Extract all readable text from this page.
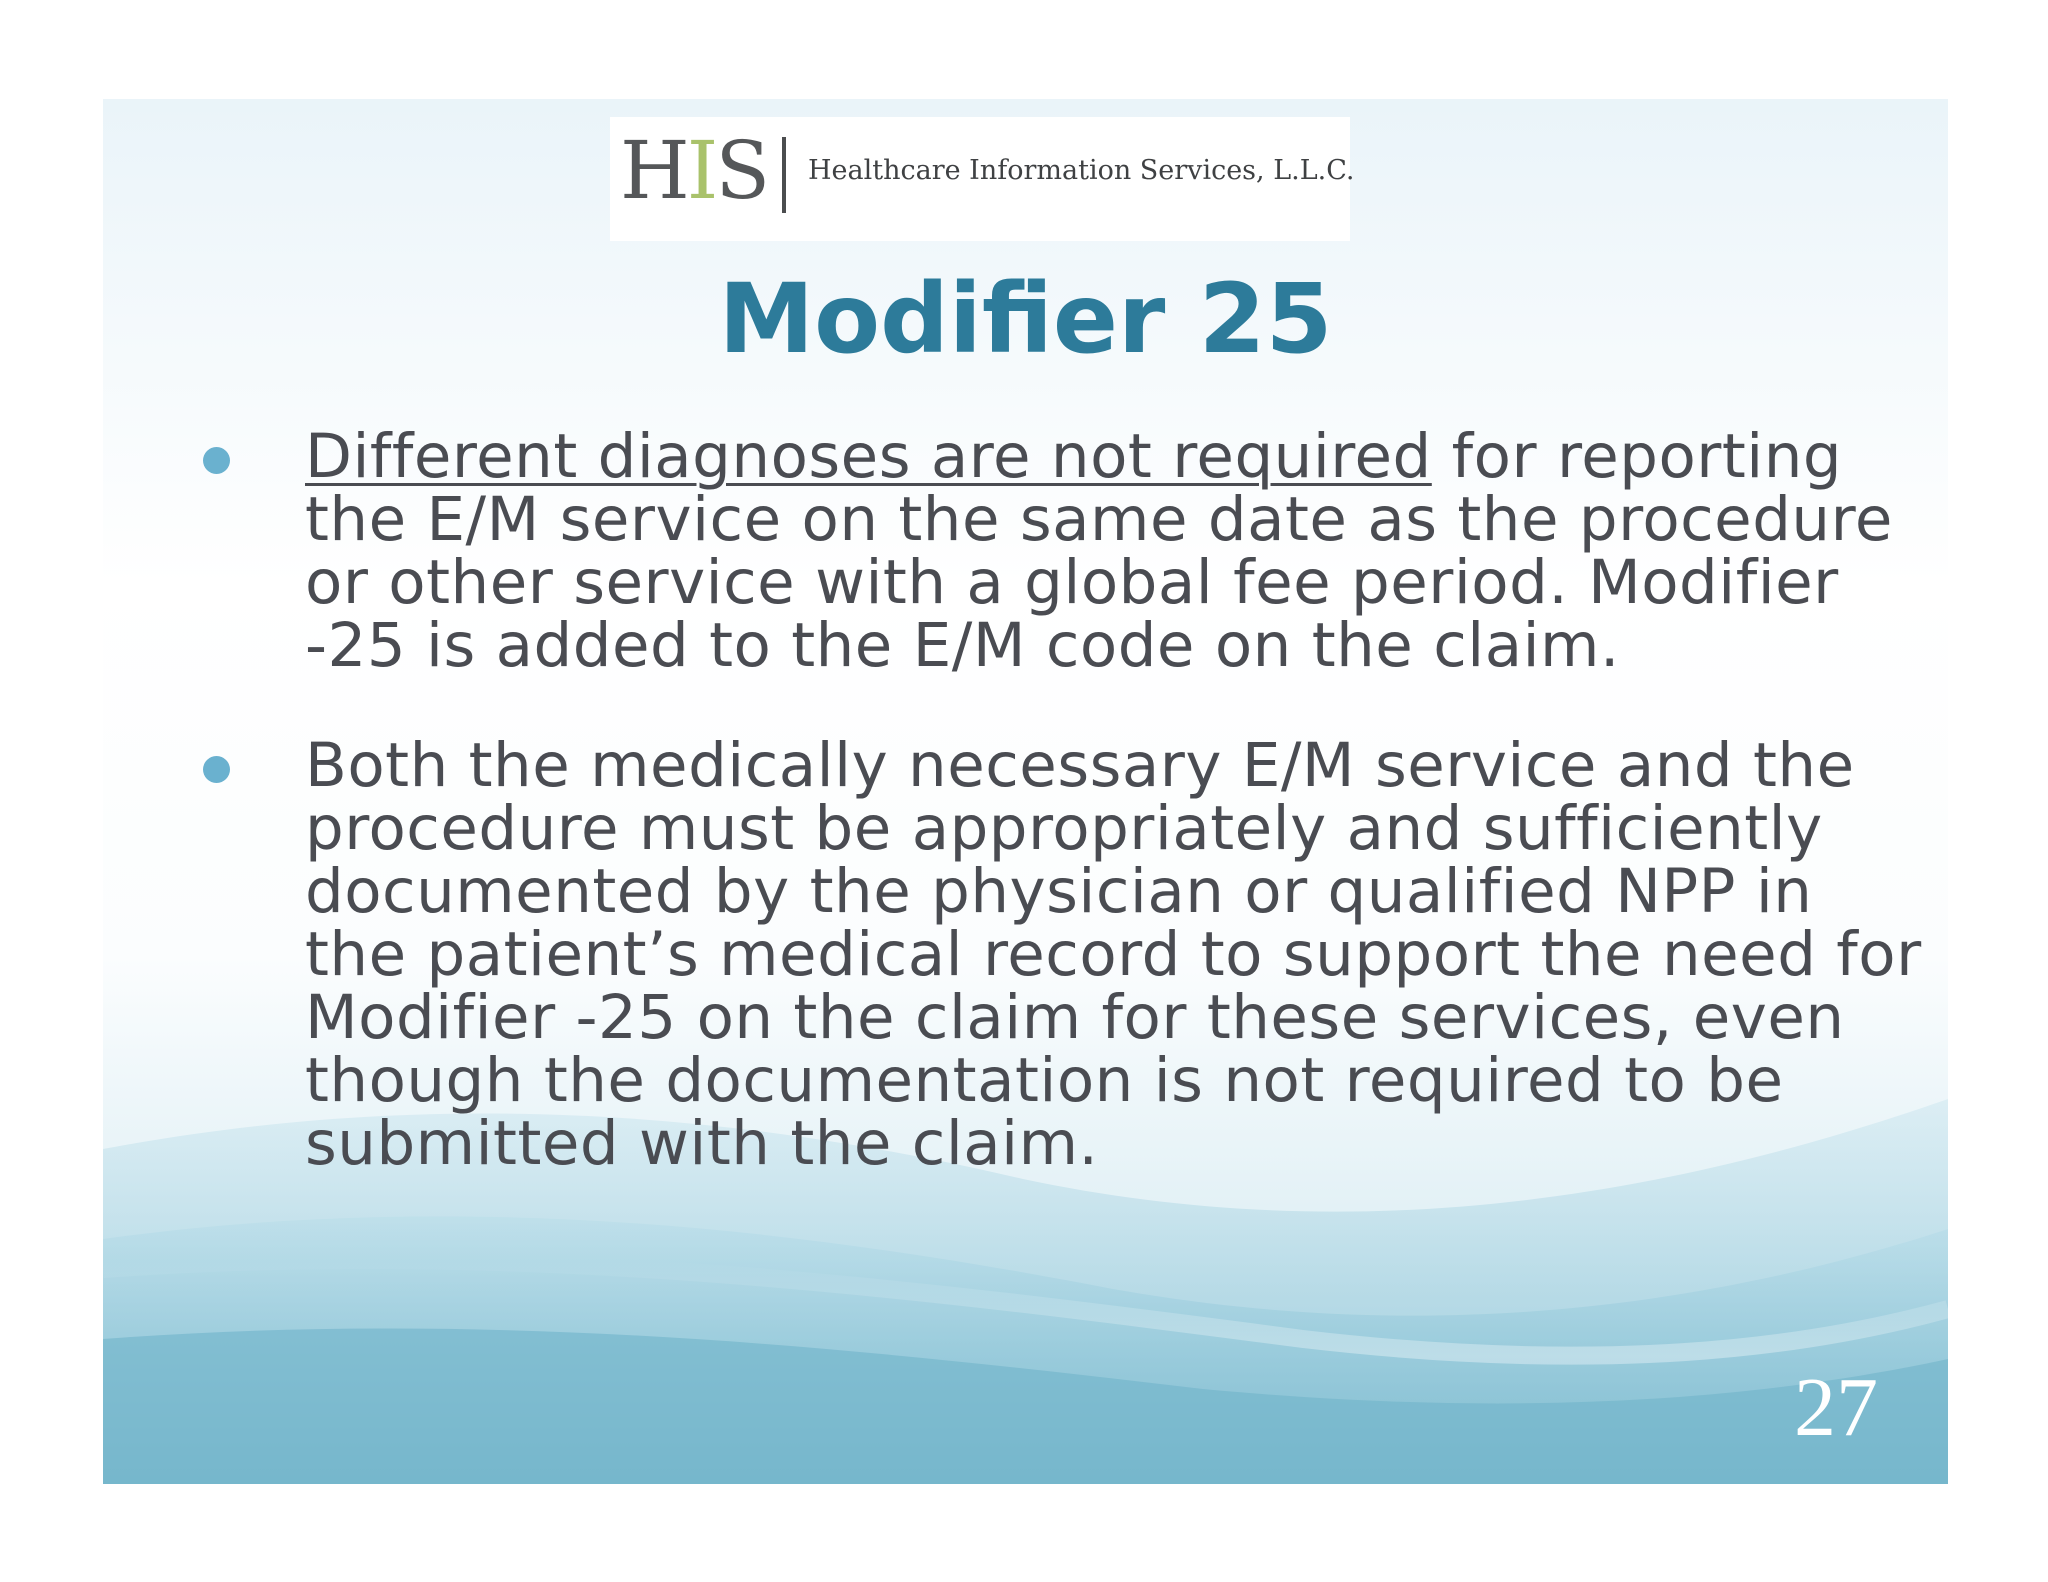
HIS Healthcare Information Services, L.L.C.
Modifier 25
Different diagnoses are not required for reporting the E/M service on the same date as the procedure or other service with a global fee period. Modifier -25 is added to the E/M code on the claim.
Both the medically necessary E/M service and the procedure must be appropriately and sufficiently documented by the physician or qualified NPP in the patient’s medical record to support the need for Modifier -25 on the claim for these services, even though the documentation is not required to be submitted with the claim.
27
